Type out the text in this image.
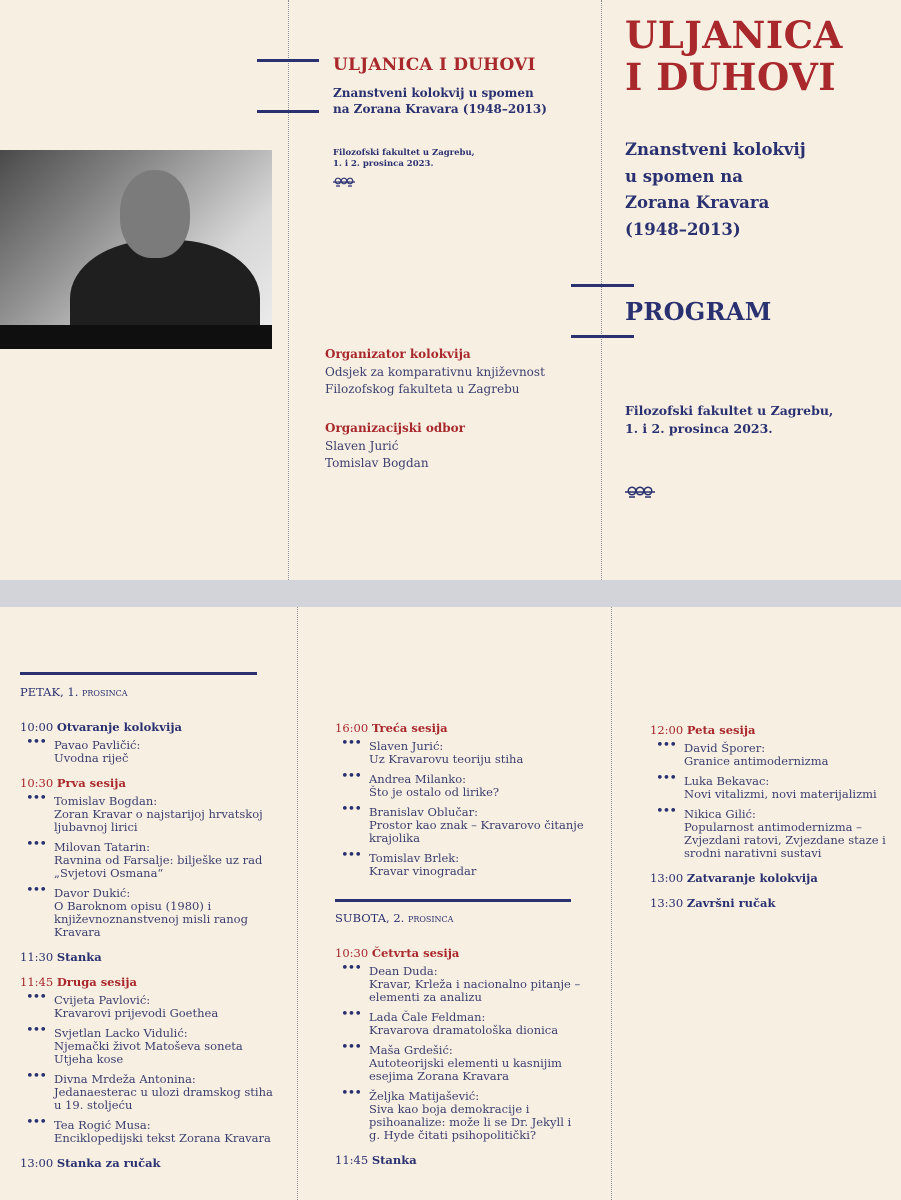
ULJANICA I DUHOVI
Znanstveni kolokvij u spomen
na Zorana Kravara (1948–2013)
Filozofski fakultet u Zagrebu,
1. i 2. prosinca 2023.
Organizator kolokvija
Odsjek za komparativnu književnost
Filozofskog fakulteta u Zagrebu
Organizacijski odbor
Slaven Jurić
Tomislav Bogdan
ULJANICA
I DUHOVI
Znanstveni kolokvij
u spomen na
Zorana Kravara
(1948–2013)
PROGRAM
Filozofski fakultet u Zagrebu,
1. i 2. prosinca 2023.
PETAK, 1. prosinca
10:00 Otvaranje kolokvija
••• Pavao Pavličić:
Uvodna riječ
10:30 Prva sesija
••• Tomislav Bogdan:
Zoran Kravar o najstarijoj hrvatskoj
ljubavnoj lirici
••• Milovan Tatarin:
Ravnina od Farsalje: bilješke uz rad
„Svjetovi Osmana“
••• Davor Dukić:
O Baroknom opisu (1980) i
književnoznanstvenoj misli ranog
Kravara
11:30 Stanka
11:45 Druga sesija
••• Cvijeta Pavlović:
Kravarovi prijevodi Goethea
••• Svjetlan Lacko Vidulić:
Njemački život Matoševa soneta
Utjeha kose
••• Divna Mrdeža Antonina:
Jedanaesterac u ulozi dramskog stiha
u 19. stoljeću
••• Tea Rogić Musa:
Enciklopedijski tekst Zorana Kravara
13:00 Stanka za ručak
16:00 Treća sesija
••• Slaven Jurić:
Uz Kravarovu teoriju stiha
••• Andrea Milanko:
Što je ostalo od lirike?
••• Branislav Oblučar:
Prostor kao znak – Kravarovo čitanje
krajolika
••• Tomislav Brlek:
Kravar vinogradar
SUBOTA, 2. prosinca
10:30 Četvrta sesija
••• Dean Duda:
Kravar, Krleža i nacionalno pitanje –
elementi za analizu
••• Lada Čale Feldman:
Kravarova dramatološka dionica
••• Maša Grdešić:
Autoteorijski elementi u kasnijim
esejima Zorana Kravara
••• Željka Matijašević:
Siva kao boja demokracije i
psihoanalize: može li se Dr. Jekyll i
g. Hyde čitati psihopolitički?
11:45 Stanka
12:00 Peta sesija
••• David Šporer:
Granice antimodernizma
••• Luka Bekavac:
Novi vitalizmi, novi materijalizmi
••• Nikica Gilić:
Popularnost antimodernizma –
Zvjezdani ratovi, Zvjezdane staze i
srodni narativni sustavi
13:00 Zatvaranje kolokvija
13:30 Završni ručak
